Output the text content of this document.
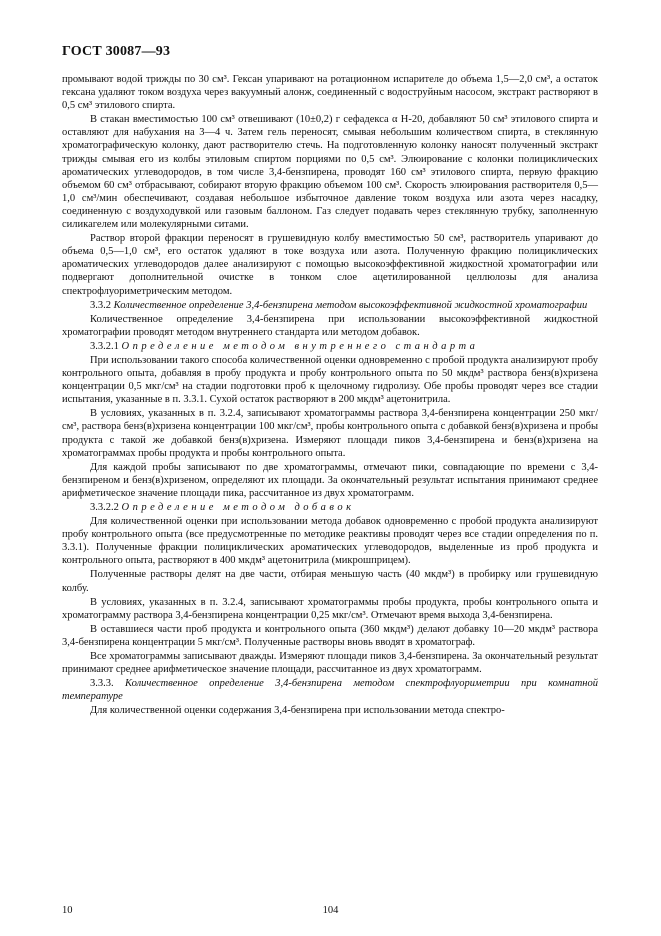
ГОСТ 30087—93

промывают водой трижды по 30 см³. Гексан упаривают на ротационном испарителе до объема 1,5—2,0 см³, а остаток гексана удаляют током воздуха через вакуумный алонж, соединенный с водоструйным насосом, экстракт растворяют в 0,5 см³ этилового спирта.

В стакан вместимостью 100 см³ отвешивают (10±0,2) г сефадекса α Н-20, добавляют 50 см³ этилового спирта и оставляют для набухания на 3—4 ч. Затем гель переносят, смывая небольшим количеством спирта, в стеклянную хроматографическую колонку, дают растворителю стечь. На подготовленную колонку наносят полученный экстракт трижды смывая его из колбы этиловым спиртом порциями по 0,5 см³. Элюирование с колонки полициклических ароматических углеводородов, в том числе 3,4-бензпирена, проводят 160 см³ этилового спирта, первую фракцию объемом 60 см³ отбрасывают, собирают вторую фракцию объемом 100 см³. Скорость элюирования растворителя 0,5—1,0 см³/мин обеспечивают, создавая небольшое избыточное давление током воздуха или азота через насадку, соединенную с воздуходувкой или газовым баллоном. Газ следует подавать через стеклянную трубку, заполненную силикагелем или молекулярными ситами.

Раствор второй фракции переносят в грушевидную колбу вместимостью 50 см³, растворитель упаривают до объема 0,5—1,0 см³, его остаток удаляют в токе воздуха или азота. Полученную фракцию полициклических ароматических углеводородов далее анализируют с помощью высокоэффективной жидкостной хроматографии или подвергают дополнительной очистке в тонком слое ацетилированной целлюлозы для анализа спектрофлуориметрическим методом.

3.3.2 Количественное определение 3,4-бензпирена методом высокоэффективной жидкостной хроматографии

Количественное определение 3,4-бензпирена при использовании высокоэффективной жидкостной хроматографии проводят методом внутреннего стандарта или методом добавок.

3.3.2.1 Определение методом внутреннего стандарта

При использовании такого способа количественной оценки одновременно с пробой продукта анализируют пробу контрольного опыта, добавляя в пробу продукта и пробу контрольного опыта по 50 мкдм³ раствора бенз(в)хризена концентрации 0,5 мкг/см³ на стадии подготовки проб к щелочному гидролизу. Обе пробы проводят через все стадии испытания, указанные в п. 3.3.1. Сухой остаток растворяют в 200 мкдм³ ацетонитрила.

В условиях, указанных в п. 3.2.4, записывают хроматограммы раствора 3,4-бензпирена концентрации 250 мкг/см³, раствора бенз(в)хризена концентрации 100 мкг/см³, пробы контрольного опыта с добавкой бенз(в)хризена и пробы продукта с такой же добавкой бенз(в)хризена. Измеряют площади пиков 3,4-бензпирена и бенз(в)хризена на хроматограммах пробы продукта и пробы контрольного опыта.

Для каждой пробы записывают по две хроматограммы, отмечают пики, совпадающие по времени с 3,4-бензпиреном и бенз(в)хризеном, определяют их площади. За окончательный результат испытания принимают среднее арифметическое значение площади пика, рассчитанное из двух хроматограмм.

3.3.2.2 Определение методом добавок

Для количественной оценки при использовании метода добавок одновременно с пробой продукта анализируют пробу контрольного опыта (все предусмотренные по методике реактивы проводят через все стадии определения по п. 3.3.1). Полученные фракции полициклических ароматических углеводородов, выделенные из проб продукта и контрольного опыта, растворяют в 400 мкдм³ ацетонитрила (микрошприцем).

Полученные растворы делят на две части, отбирая меньшую часть (40 мкдм³) в пробирку или грушевидную колбу.

В условиях, указанных в п. 3.2.4, записывают хроматограммы пробы продукта, пробы контрольного опыта и хроматограмму раствора 3,4-бензпирена концентрации 0,25 мкг/см³. Отмечают время выхода 3,4-бензпирена.

В оставшиеся части проб продукта и контрольного опыта (360 мкдм³) делают добавку 10—20 мкдм³ раствора 3,4-бензпирена концентрации 5 мкг/см³. Полученные растворы вновь вводят в хроматограф.

Все хроматограммы записывают дважды. Измеряют площади пиков 3,4-бензпирена. За окончательный результат принимают среднее арифметическое значение площади, рассчитанное из двух хроматограмм.

3.3.3. Количественное определение 3,4-бензпирена методом спектрофлуориметрии при комнатной температуре

Для количественной оценки содержания 3,4-бензпирена при использовании метода спектро-

10	104
